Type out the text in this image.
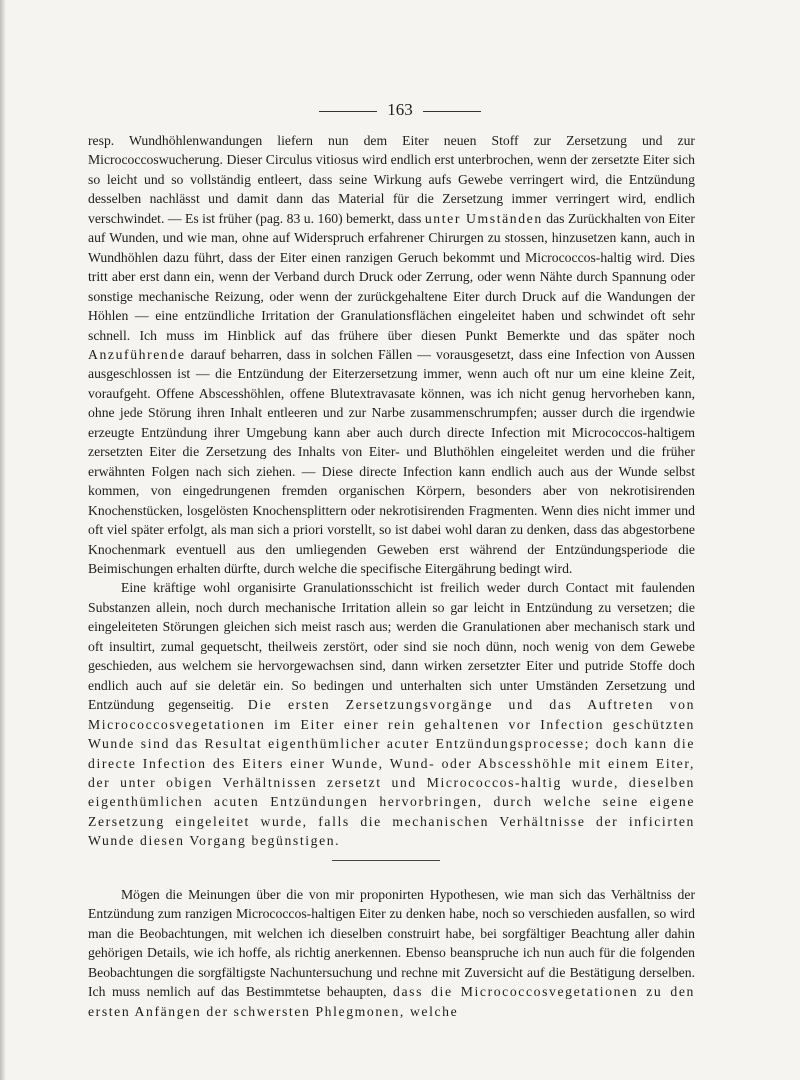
163

resp. Wundhöhlenwandungen liefern nun dem Eiter neuen Stoff zur Zersetzung und zur Micrococcoswucherung. Dieser Circulus vitiosus wird endlich erst unterbrochen, wenn der zersetzte Eiter sich so leicht und so vollständig entleert, dass seine Wirkung aufs Gewebe verringert wird, die Entzündung desselben nachlässt und damit dann das Material für die Zersetzung immer verringert wird, endlich verschwindet. — Es ist früher (pag. 83 u. 160) bemerkt, dass unter Umständen das Zurückhalten von Eiter auf Wunden, und wie man, ohne auf Widerspruch erfahrener Chirurgen zu stossen, hinzusetzen kann, auch in Wundhöhlen dazu führt, dass der Eiter einen ranzigen Geruch bekommt und Micrococcos-haltig wird. Dies tritt aber erst dann ein, wenn der Verband durch Druck oder Zerrung, oder wenn Nähte durch Spannung oder sonstige mechanische Reizung, oder wenn der zurückgehaltene Eiter durch Druck auf die Wandungen der Höhlen — eine entzündliche Irritation der Granulationsflächen eingeleitet haben und schwindet oft sehr schnell. Ich muss im Hinblick auf das frühere über diesen Punkt Bemerkte und das später noch Anzuführende darauf beharren, dass in solchen Fällen — vorausgesetzt, dass eine Infection von Aussen ausgeschlossen ist — die Entzündung der Eiterzersetzung immer, wenn auch oft nur um eine kleine Zeit, voraufgeht. Offene Abscesshöhlen, offene Blutextravasate können, was ich nicht genug hervorheben kann, ohne jede Störung ihren Inhalt entleeren und zur Narbe zusammenschrumpfen; ausser durch die irgendwie erzeugte Entzündung ihrer Umgebung kann aber auch durch directe Infection mit Micrococcos-haltigem zersetzten Eiter die Zersetzung des Inhalts von Eiter- und Bluthöhlen eingeleitet werden und die früher erwähnten Folgen nach sich ziehen. — Diese directe Infection kann endlich auch aus der Wunde selbst kommen, von eingedrungenen fremden organischen Körpern, besonders aber von nekrotisirenden Knochenstücken, losgelösten Knochensplittern oder nekrotisirenden Fragmenten. Wenn dies nicht immer und oft viel später erfolgt, als man sich a priori vorstellt, so ist dabei wohl daran zu denken, dass das abgestorbene Knochenmark eventuell aus den umliegenden Geweben erst während der Entzündungsperiode die Beimischungen erhalten dürfte, durch welche die specifische Eitergährung bedingt wird.

Eine kräftige wohl organisirte Granulationsschicht ist freilich weder durch Contact mit faulenden Substanzen allein, noch durch mechanische Irritation allein so gar leicht in Entzündung zu versetzen; die eingeleiteten Störungen gleichen sich meist rasch aus; werden die Granulationen aber mechanisch stark und oft insultirt, zumal gequetscht, theilweis zerstört, oder sind sie noch dünn, noch wenig von dem Gewebe geschieden, aus welchem sie hervorgewachsen sind, dann wirken zersetzter Eiter und putride Stoffe doch endlich auch auf sie deletär ein. So bedingen und unterhalten sich unter Umständen Zersetzung und Entzündung gegenseitig. Die ersten Zersetzungsvorgänge und das Auftreten von Micrococcosvegetationen im Eiter einer rein gehaltenen vor Infection geschützten Wunde sind das Resultat eigenthümlicher acuter Entzündungsprocesse; doch kann die directe Infection des Eiters einer Wunde, Wund- oder Abscesshöhle mit einem Eiter, der unter obigen Verhältnissen zersetzt und Micrococcos-haltig wurde, dieselben eigenthümlichen acuten Entzündungen hervorbringen, durch welche seine eigene Zersetzung eingeleitet wurde, falls die mechanischen Verhältnisse der inficirten Wunde diesen Vorgang begünstigen.

Mögen die Meinungen über die von mir proponirten Hypothesen, wie man sich das Verhältniss der Entzündung zum ranzigen Micrococcos-haltigen Eiter zu denken habe, noch so verschieden ausfallen, so wird man die Beobachtungen, mit welchen ich dieselben construirt habe, bei sorgfältiger Beachtung aller dahin gehörigen Details, wie ich hoffe, als richtig anerkennen. Ebenso beanspruche ich nun auch für die folgenden Beobachtungen die sorgfältigste Nachuntersuchung und rechne mit Zuversicht auf die Bestätigung derselben. Ich muss nemlich auf das Bestimmtetse behaupten, dass die Micrococcosvegetationen zu den ersten Anfängen der schwersten Phlegmonen, welche
